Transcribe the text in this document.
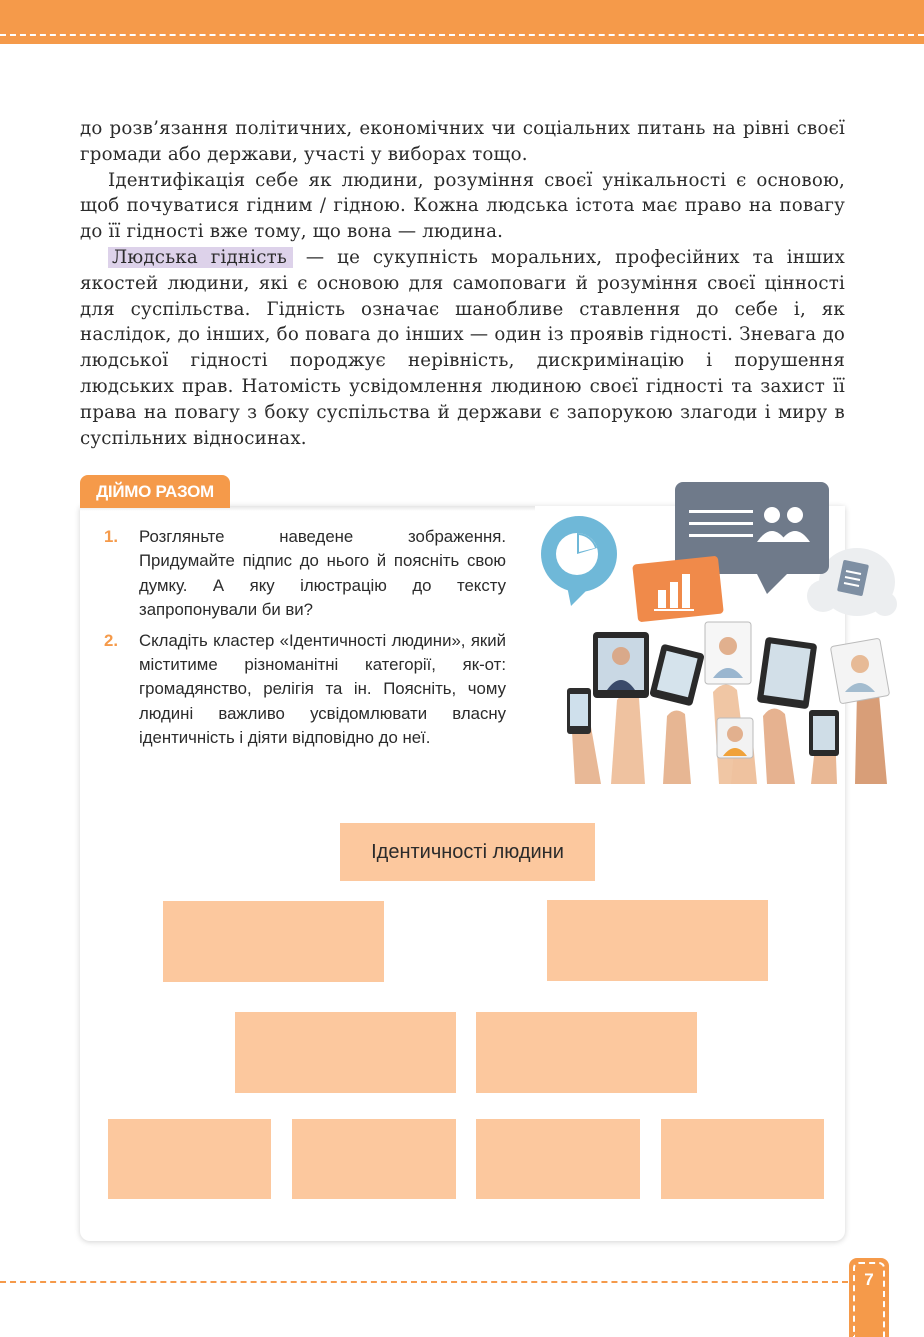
до розв’язання політичних, економічних чи соціальних питань на рівні своєї громади або держави, участі у виборах тощо.

Ідентифікація себе як людини, розуміння своєї унікальності є основою, щоб почуватися гідним / гідною. Кожна людська істота має право на повагу до її гідності вже тому, що вона — людина.

Людська гідність — це сукупність моральних, професійних та інших якостей людини, які є основою для самоповаги й розуміння своєї цінності для суспільства. Гідність означає шанобливе ставлення до себе і, як наслідок, до інших, бо повага до інших — один із проявів гідності. Зневага до людської гідності породжує нерівність, дискримінацію і порушення людських прав. Натомість усвідомлення людиною своєї гідності та захист її права на повагу з боку суспільства й держави є запорукою злагоди і миру в суспільних відносинах.

ДІЙМО РАЗОМ
1. Розгляньте наведене зображення. Придумайте підпис до нього й поясніть свою думку. А яку ілюстрацію до тексту запропонували би ви?
2. Складіть кластер «Ідентичності людини», який міститиме різноманітні категорії, як-от: громадянство, релігія та ін. Поясніть, чому людині важливо усвідомлювати власну ідентичність і діяти відповідно до неї.
Ідентичності людини
7
